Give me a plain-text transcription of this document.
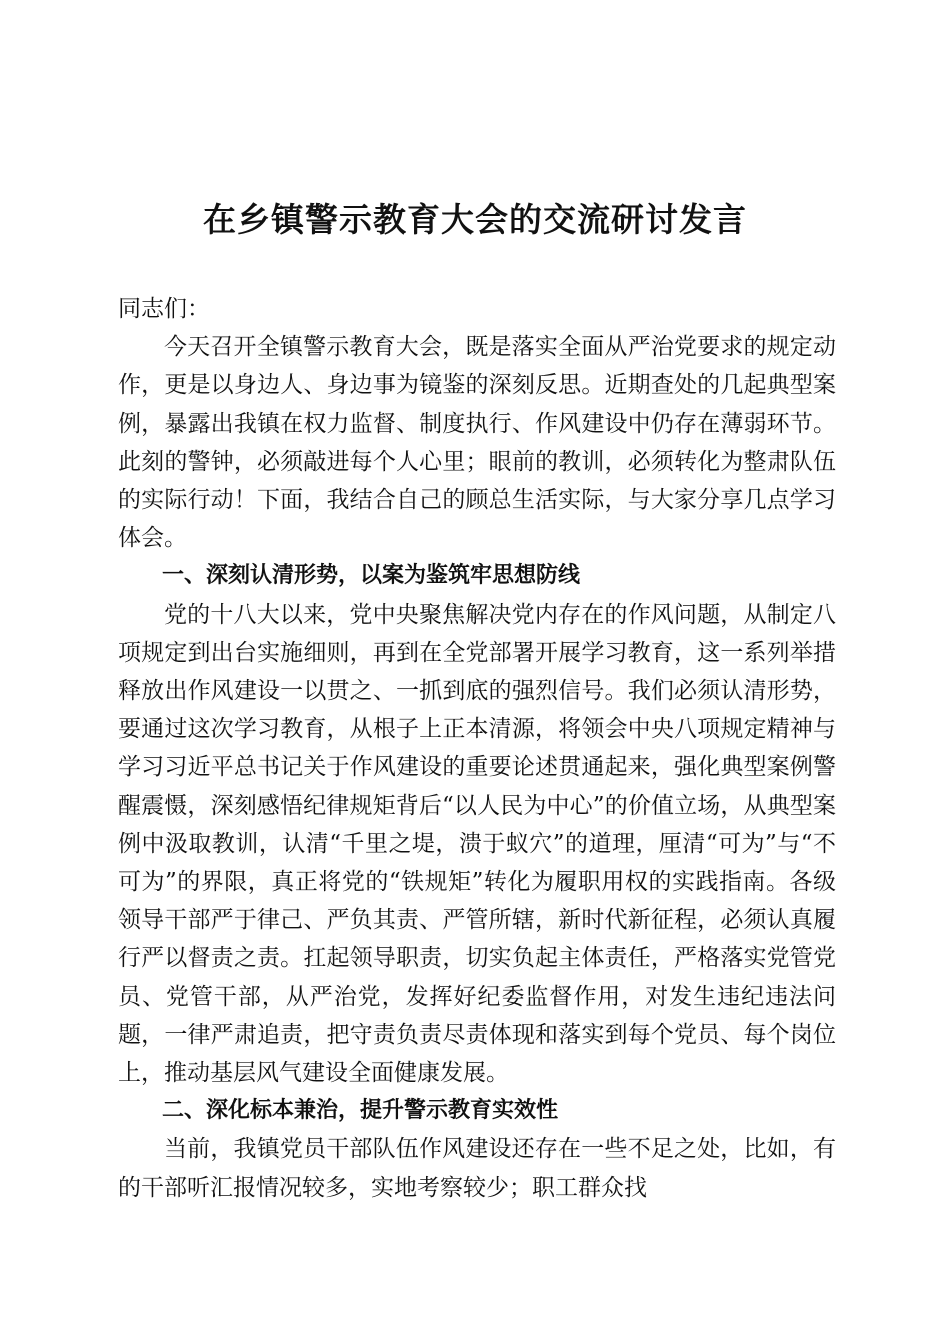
在乡镇警示教育大会的交流研讨发言

同志们：

今天召开全镇警示教育大会，既是落实全面从严治党要求的规定动作，更是以身边人、身边事为镜鉴的深刻反思。近期查处的几起典型案例，暴露出我镇在权力监督、制度执行、作风建设中仍存在薄弱环节。此刻的警钟，必须敲进每个人心里；眼前的教训，必须转化为整肃队伍的实际行动！下面，我结合自己的顾总生活实际，与大家分享几点学习体会。

一、深刻认清形势，以案为鉴筑牢思想防线

党的十八大以来，党中央聚焦解决党内存在的作风问题，从制定八项规定到出台实施细则，再到在全党部署开展学习教育，这一系列举措释放出作风建设一以贯之、一抓到底的强烈信号。我们必须认清形势，要通过这次学习教育，从根子上正本清源，将领会中央八项规定精神与学习习近平总书记关于作风建设的重要论述贯通起来，强化典型案例警醒震慑，深刻感悟纪律规矩背后“以人民为中心”的价值立场，从典型案例中汲取教训，认清“千里之堤，溃于蚁穴”的道理，厘清“可为”与“不可为”的界限，真正将党的“铁规矩”转化为履职用权的实践指南。各级领导干部严于律己、严负其责、严管所辖，新时代新征程，必须认真履行严以督责之责。扛起领导职责，切实负起主体责任，严格落实党管党员、党管干部，从严治党，发挥好纪委监督作用，对发生违纪违法问题，一律严肃追责，把守责负责尽责体现和落实到每个党员、每个岗位上，推动基层风气建设全面健康发展。

二、深化标本兼治，提升警示教育实效性

当前，我镇党员干部队伍作风建设还存在一些不足之处，比如，有的干部听汇报情况较多，实地考察较少；职工群众找
